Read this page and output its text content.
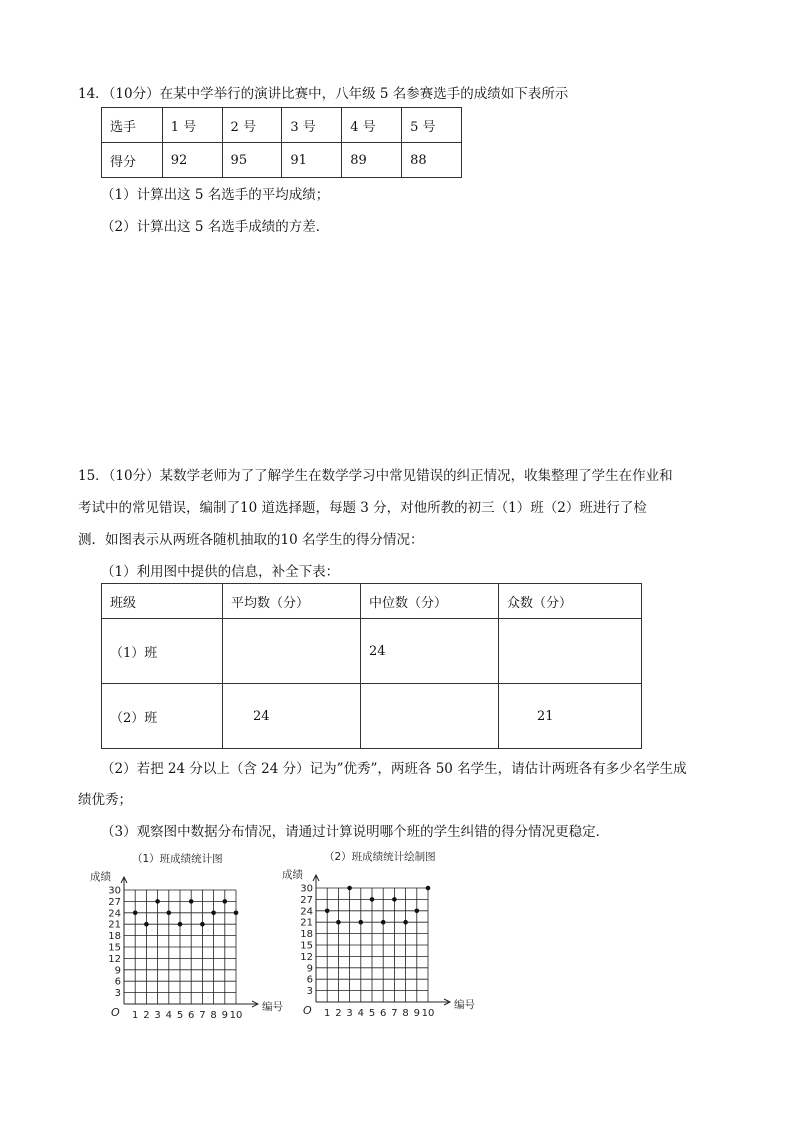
14．（10分）在某中学举行的演讲比赛中，八年级 5 名参赛选手的成绩如下表所示
选手	1 号	2 号	3 号	4 号	5 号
得分	92	95	91	89	88
（1）计算出这 5 名选手的平均成绩；
（2）计算出这 5 名选手成绩的方差．
15．（10分）某数学老师为了了解学生在数学学习中常见错误的纠正情况，收集整理了学生在作业和
考试中的常见错误，编制了10 道选择题，每题 3 分，对他所教的初三（1）班（2）班进行了检
测．如图表示从两班各随机抽取的10 名学生的得分情况：
（1）利用图中提供的信息，补全下表：
班级	平均数（分）	中位数（分）	众数（分）
（1）班		24	
（2）班	24		21
（2）若把 24 分以上（含 24 分）记为”优秀”，两班各 50 名学生，请估计两班各有多少名学生成
绩优秀；
（3）观察图中数据分布情况，请通过计算说明哪个班的学生纠错的得分情况更稳定．
（1）班成绩统计图
成绩
O	编号
3
6
9
12
15
18
21
24
27
30
1 2 3 4 5 6 7 8 9 10
（2）班成绩统计绘制图
成绩
O	编号
3
6
9
12
15
18
21
24
27
30
1 2 3 4 5 6 7 8 9 10
